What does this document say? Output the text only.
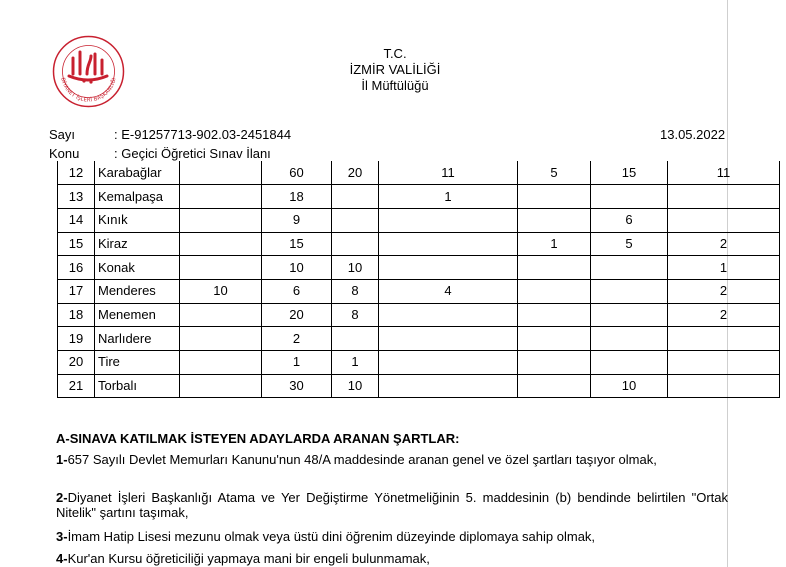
DİYANET İŞLERİ BAŞKANLIĞI
T.C.
İZMİR VALİLİĞİ
İl Müftülüğü
Sayı	: E-91257713-902.03-2451844	13.05.2022
Konu	: Geçici Öğretici Sınav İlanı
12	Karabağlar		60	20	11	5	15	11
13	Kemalpaşa		18		1			
14	Kınık		9				6	
15	Kiraz		15			1	5	2
16	Konak		10	10				1
17	Menderes	10	6	8	4			2
18	Menemen		20	8				2
19	Narlıdere		2					
20	Tire		1	1				
21	Torbalı		30	10			10	
A-SINAVA KATILMAK İSTEYEN ADAYLARDA ARANAN ŞARTLAR:
1-657 Sayılı Devlet Memurları Kanunu'nun 48/A maddesinde aranan genel ve özel şartları taşıyor olmak,
2-Diyanet İşleri Başkanlığı Atama ve Yer Değiştirme Yönetmeliğinin 5. maddesinin (b) bendinde belirtilen "Ortak Nitelik" şartını taşımak,
3-İmam Hatip Lisesi mezunu olmak veya üstü dini öğrenim düzeyinde diplomaya sahip olmak,
4-Kur'an Kursu öğreticiliği yapmaya mani bir engeli bulunmamak,
